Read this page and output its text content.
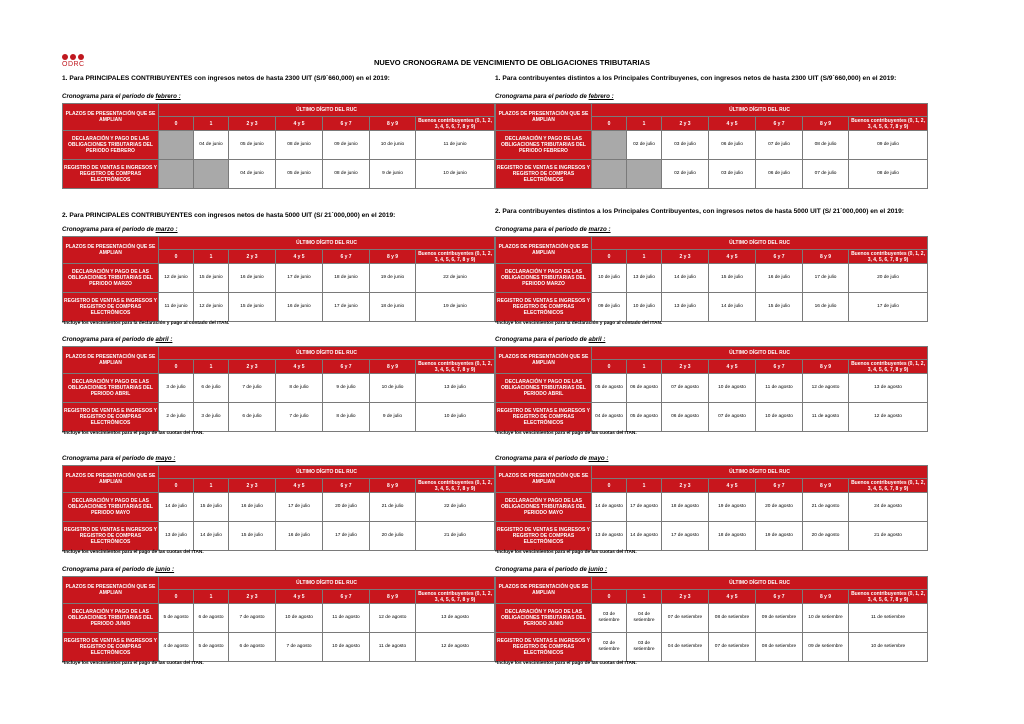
ODRC	NUEVO CRONOGRAMA DE VENCIMIENTO DE OBLIGACIONES TRIBUTARIAS
1. Para PRINCIPALES CONTRIBUYENTES con ingresos netos de hasta 2300 UIT (S/9´660,000) en el 2019:	1. Para contribuyentes distintos a los Principales Contribuyenes, con ingresos netos de hasta 2300 UIT (S/9´660,000) en el 2019:
2. Para PRINCIPALES CONTRIBUYENTES con ingresos netos de hasta 5000 UIT (S/ 21´000,000) en el 2019:
2. Para contribuyentes distintos a los Principales Contribuyentes, con ingresos netos de hasta 5000 UIT (S/ 21´000,000) en el 2019:
Cronograma para el periodo de febrero :
PLAZOS DE PRESENTACIÓN QUE SE AMPLIAN	ÚLTIMO DÍGITO DEL RUC						
	0	1	2 y 3	4 y 5	6 y 7	8 y 9	Buenos contribuyentes (0, 1, 2, 3, 4, 5, 6, 7, 8 y 9)
DECLARACIÓN Y PAGO DE LAS OBLIGACIONES TRIBUTARIAS DEL PERIODO FEBRERO		04 de junio	05 de junio	08 de junio	09 de junio	10 de junio	11 de junio
REGISTRO DE VENTAS E INGRESOS Y REGISTRO DE COMPRAS ELECTRÓNICOS			04 de junio	05 de junio	08 de junio	9 de junio	10 de junio
Cronograma para el periodo de febrero :
PLAZOS DE PRESENTACIÓN QUE SE AMPLIAN	ÚLTIMO DÍGITO DEL RUC						
	0	1	2 y 3	4 y 5	6 y 7	8 y 9	Buenos contribuyentes (0, 1, 2, 3, 4, 5, 6, 7, 8 y 9)
DECLARACIÓN Y PAGO DE LAS OBLIGACIONES TRIBUTARIAS DEL PERIODO FEBRERO		02 de julio	03 de julio	06 de julio	07 de julio	08 de julio	09 de julio
REGISTRO DE VENTAS E INGRESOS Y REGISTRO DE COMPRAS ELECTRÓNICOS			02 de julio	03 de julio	06 de julio	07 de julio	08 de julio
Cronograma para el periodo de marzo :
PLAZOS DE PRESENTACIÓN QUE SE AMPLIAN	ÚLTIMO DÍGITO DEL RUC						
	0	1	2 y 3	4 y 5	6 y 7	8 y 9	Buenos contribuyentes (0, 1, 2, 3, 4, 5, 6, 7, 8 y 9)
DECLARACIÓN Y PAGO DE LAS OBLIGACIONES TRIBUTARIAS DEL PERIODO MARZO	12 de junio	15 de junio	16 de junio	17 de junio	18 de junio	19 de junio	22 de junio
REGISTRO DE VENTAS E INGRESOS Y REGISTRO DE COMPRAS ELECTRÓNICOS	11 de junio	12 de junio	15 de junio	16 de junio	17 de junio	18 de junio	19 de junio
*Incluye los vencimientos para la declaración y pago al contado del ITAN.
Cronograma para el periodo de marzo :
PLAZOS DE PRESENTACIÓN QUE SE AMPLIAN	ÚLTIMO DÍGITO DEL RUC						
	0	1	2 y 3	4 y 5	6 y 7	8 y 9	Buenos contribuyentes (0, 1, 2, 3, 4, 5, 6, 7, 8 y 9)
DECLARACIÓN Y PAGO DE LAS OBLIGACIONES TRIBUTARIAS DEL PERIODO MARZO	10 de julio	13 de julio	14 de julio	15 de julio	16 de julio	17 de julio	20 de julio
REGISTRO DE VENTAS E INGRESOS Y REGISTRO DE COMPRAS ELECTRÓNICOS	09 de julio	10 de julio	13 de julio	14 de julio	15 de julio	16 de julio	17 de julio
*Incluye los vencimientos para la declaración y pago al contado del ITAN.
Cronograma para el periodo de abril :
PLAZOS DE PRESENTACIÓN QUE SE AMPLIAN	ÚLTIMO DÍGITO DEL RUC						
	0	1	2 y 3	4 y 5	6 y 7	8 y 9	Buenos contribuyentes (0, 1, 2, 3, 4, 5, 6, 7, 8 y 9)
DECLARACIÓN Y PAGO DE LAS OBLIGACIONES TRIBUTARIAS DEL PERIODO ABRIL	3 de julio	6 de julio	7 de julio	8 de julio	9 de julio	10 de julio	13 de julio
REGISTRO DE VENTAS E INGRESOS Y REGISTRO DE COMPRAS ELECTRÓNICOS	2 de julio	3 de julio	6 de julio	7 de julio	8 de julio	9 de julio	10 de julio
*Incluye los vencimientos para el pago de las cuotas del ITAN.
Cronograma para el periodo de abril :
PLAZOS DE PRESENTACIÓN QUE SE AMPLIAN	ÚLTIMO DÍGITO DEL RUC						
	0	1	2 y 3	4 y 5	6 y 7	8 y 9	Buenos contribuyentes (0, 1, 2, 3, 4, 5, 6, 7, 8 y 9)
DECLARACIÓN Y PAGO DE LAS OBLIGACIONES TRIBUTARIAS DEL PERIODO ABRIL	05 de agosto	06 de agosto	07 de agosto	10 de agosto	11 de agosto	12 de agosto	13 de agosto
REGISTRO DE VENTAS E INGRESOS Y REGISTRO DE COMPRAS ELECTRÓNICOS	04 de agosto	05 de agosto	06 de agosto	07 de agosto	10 de agosto	11 de agosto	12 de agosto
*Incluye los vencimientos para el pago de las cuotas del ITAN.
Cronograma para el periodo de mayo :
PLAZOS DE PRESENTACIÓN QUE SE AMPLIAN	ÚLTIMO DÍGITO DEL RUC						
	0	1	2 y 3	4 y 5	6 y 7	8 y 9	Buenos contribuyentes (0, 1, 2, 3, 4, 5, 6, 7, 8 y 9)
DECLARACIÓN Y PAGO DE LAS OBLIGACIONES TRIBUTARIAS DEL PERIODO MAYO	14 de julio	15 de julio	16 de julio	17 de julio	20 de julio	21 de julio	22 de julio
REGISTRO DE VENTAS E INGRESOS Y REGISTRO DE COMPRAS ELECTRÓNICOS	13 de julio	14 de julio	15 de julio	16 de julio	17 de julio	20 de julio	21 de julio
*Incluye los vencimientos para el pago de las cuotas del ITAN.
Cronograma para el periodo de mayo :
PLAZOS DE PRESENTACIÓN QUE SE AMPLIAN	ÚLTIMO DÍGITO DEL RUC						
	0	1	2 y 3	4 y 5	6 y 7	8 y 9	Buenos contribuyentes (0, 1, 2, 3, 4, 5, 6, 7, 8 y 9)
DECLARACIÓN Y PAGO DE LAS OBLIGACIONES TRIBUTARIAS DEL PERIODO MAYO	14 de agosto	17 de agosto	18 de agosto	19 de agosto	20 de agosto	21 de agosto	24 de agosto
REGISTRO DE VENTAS E INGRESOS Y REGISTRO DE COMPRAS ELECTRÓNICOS	13 de agosto	14 de agosto	17 de agosto	18 de agosto	19 de agosto	20 de agosto	21 de agosto
*Incluye los vencimientos para el pago de las cuotas del ITAN.
Cronograma para el periodo de junio :
PLAZOS DE PRESENTACIÓN QUE SE AMPLIAN	ÚLTIMO DÍGITO DEL RUC						
	0	1	2 y 3	4 y 5	6 y 7	8 y 9	Buenos contribuyentes (0, 1, 2, 3, 4, 5, 6, 7, 8 y 9)
DECLARACIÓN Y PAGO DE LAS OBLIGACIONES TRIBUTARIAS DEL PERIODO JUNIO	5 de agosto	6 de agosto	7 de agosto	10 de agosto	11 de agosto	12 de agosto	13 de agosto
REGISTRO DE VENTAS E INGRESOS Y REGISTRO DE COMPRAS ELECTRÓNICOS	4 de agosto	5 de agosto	6 de agosto	7 de agosto	10 de agosto	11 de agosto	12 de agosto
*Incluye los vencimientos para el pago de las cuotas del ITAN.
Cronograma para el periodo de junio :
PLAZOS DE PRESENTACIÓN QUE SE AMPLIAN	ÚLTIMO DÍGITO DEL RUC						
	0	1	2 y 3	4 y 5	6 y 7	8 y 9	Buenos contribuyentes (0, 1, 2, 3, 4, 5, 6, 7, 8 y 9)
DECLARACIÓN Y PAGO DE LAS OBLIGACIONES TRIBUTARIAS DEL PERIODO JUNIO	03 de setiembre	04 de setiembre	07 de setiembre	08 de setiembre	09 de setiembre	10 de setiembre	11 de setiembre
REGISTRO DE VENTAS E INGRESOS Y REGISTRO DE COMPRAS ELECTRÓNICOS	02 de setiembre	03 de setiembre	04 de setiembre	07 de setiembre	08 de setiembre	09 de setiembre	10 de setiembre
*Incluye los vencimientos para el pago de las cuotas del ITAN.
